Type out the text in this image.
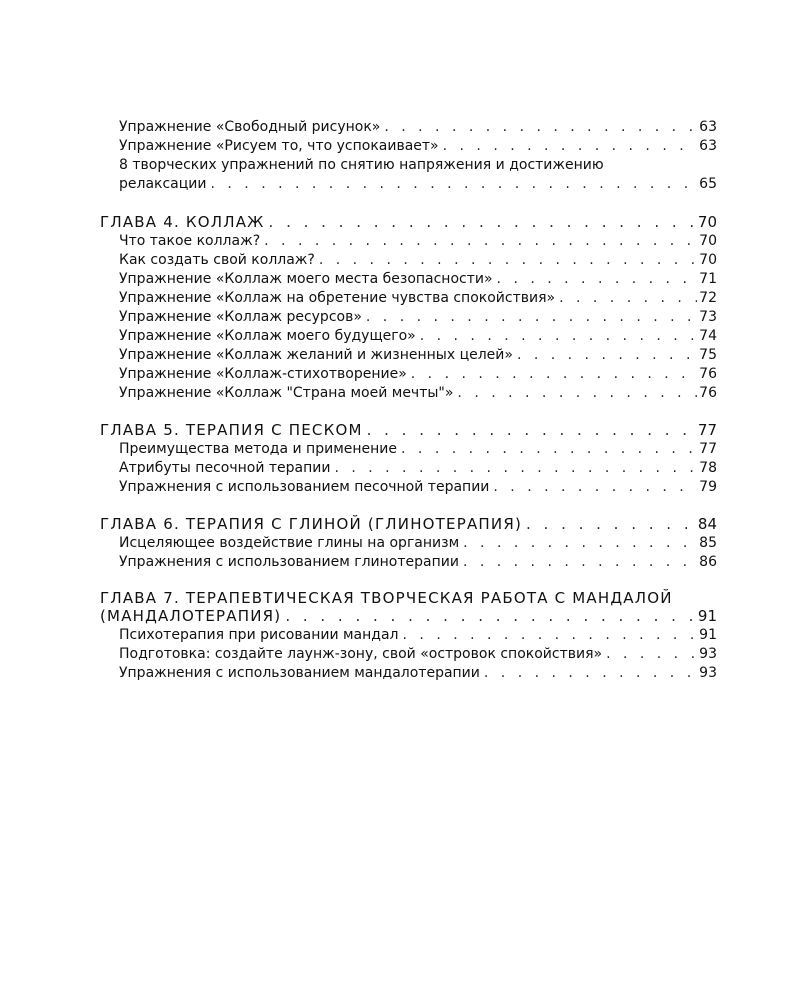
Упражнение «Свободный рисунок» . . .	63
Упражнение «Рисуем то, что успокаивает» . . .	63
8 творческих упражнений по снятию напряжения и достижению
релаксации . . .	65
ГЛАВА 4. КОЛЛАЖ . . .	70
Что такое коллаж? . . .	70
Как создать свой коллаж? . . .	70
Упражнение «Коллаж моего места безопасности» . . .	71
Упражнение «Коллаж на обретение чувства спокойствия» . . .	72
Упражнение «Коллаж ресурсов» . . .	73
Упражнение «Коллаж моего будущего» . . .	74
Упражнение «Коллаж желаний и жизненных целей» . . .	75
Упражнение «Коллаж-стихотворение» . . .	76
Упражнение «Коллаж "Страна моей мечты"» . . .	76
ГЛАВА 5. ТЕРАПИЯ С ПЕСКОМ . . .	77
Преимущества метода и применение . . .	77
Атрибуты песочной терапии . . .	78
Упражнения с использованием песочной терапии . . .	79
ГЛАВА 6. ТЕРАПИЯ С ГЛИНОЙ (ГЛИНОТЕРАПИЯ) . . .	84
Исцеляющее воздействие глины на организм . . .	85
Упражнения с использованием глинотерапии . . .	86
ГЛАВА 7. ТЕРАПЕВТИЧЕСКАЯ ТВОРЧЕСКАЯ РАБОТА С МАНДАЛОЙ
(МАНДАЛОТЕРАПИЯ) . . .	91
Психотерапия при рисовании мандал . . .	91
Подготовка: создайте лаунж-зону, свой «островок спокойствия» . . .	93
Упражнения с использованием мандалотерапии . . .	93
